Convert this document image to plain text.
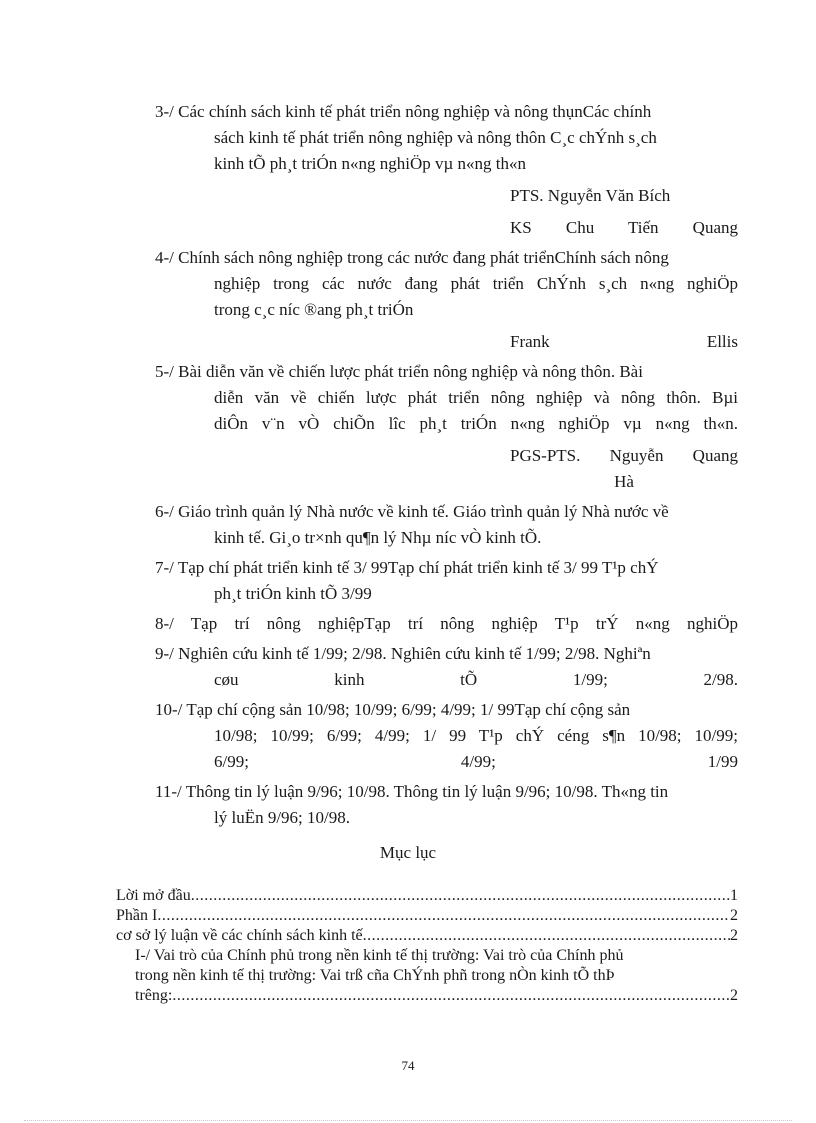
3-/ Các chính sách kinh tế phát triển nông nghiệp và nông thụnCác chính
sách kinh tế phát triển nông nghiệp và nông thôn C¸c chÝnh s¸ch
kinh tÕ ph¸t triÓn n«ng nghiÖp vµ n«ng th«n
PTS. Nguyễn Văn Bích
KS Chu Tiến Quang
4-/ Chính sách nông nghiệp trong các nước đang phát triểnChính sách nông
nghiệp trong các nước đang phát triển ChÝnh s¸ch n«ng nghiÖp
trong c¸c níc ®ang ph¸t triÓn
Frank Ellis
5-/ Bài diễn văn về chiến lược phát triển nông nghiệp và nông thôn. Bài
diễn văn về chiến lược phát triển nông nghiệp và nông thôn. Bµi
diÔn v¨n vÒ chiÕn lîc ph¸t triÓn n«ng nghiÖp vµ n«ng th«n.
PGS-PTS. Nguyễn Quang
Hà
6-/ Giáo trình quản lý Nhà nước về kinh tế. Giáo trình quản lý Nhà nước về
kinh tế. Gi¸o tr×nh qu¶n lý Nhµ níc vÒ kinh tÕ.
7-/ Tạp chí phát triển kinh tế 3/ 99Tạp chí phát triển kinh tế 3/ 99 T¹p chÝ
ph¸t triÓn kinh tÕ 3/99
8-/ Tạp trí nông nghiệpTạp trí nông nghiệp T¹p trÝ n«ng nghiÖp
9-/ Nghiên cứu kinh tế 1/99; 2/98. Nghiên cứu kinh tế 1/99; 2/98. Nghiªn
cøu kinh tÕ 1/99; 2/98.
10-/ Tạp chí cộng sản 10/98; 10/99; 6/99; 4/99; 1/ 99Tạp chí cộng sản
10/98; 10/99; 6/99; 4/99; 1/ 99 T¹p chÝ céng s¶n 10/98; 10/99;
6/99; 4/99; 1/99
11-/ Thông tin lý luận 9/96; 10/98. Thông tin lý luận 9/96; 10/98. Th«ng tin
lý luËn 9/96; 10/98.
Mục lục
Lời mở đầu .....	1
Phần I .....	2
cơ sở lý luận về các chính sách kinh tế .....	2
I-/ Vai trò của Chính phủ trong nền kinh tế thị trường: Vai trò của Chính phủ
trong nền kinh tế thị trường: Vai trß cña ChÝnh phñ trong nÒn kinh tÕ thÞ
trêng: .....	2
74
